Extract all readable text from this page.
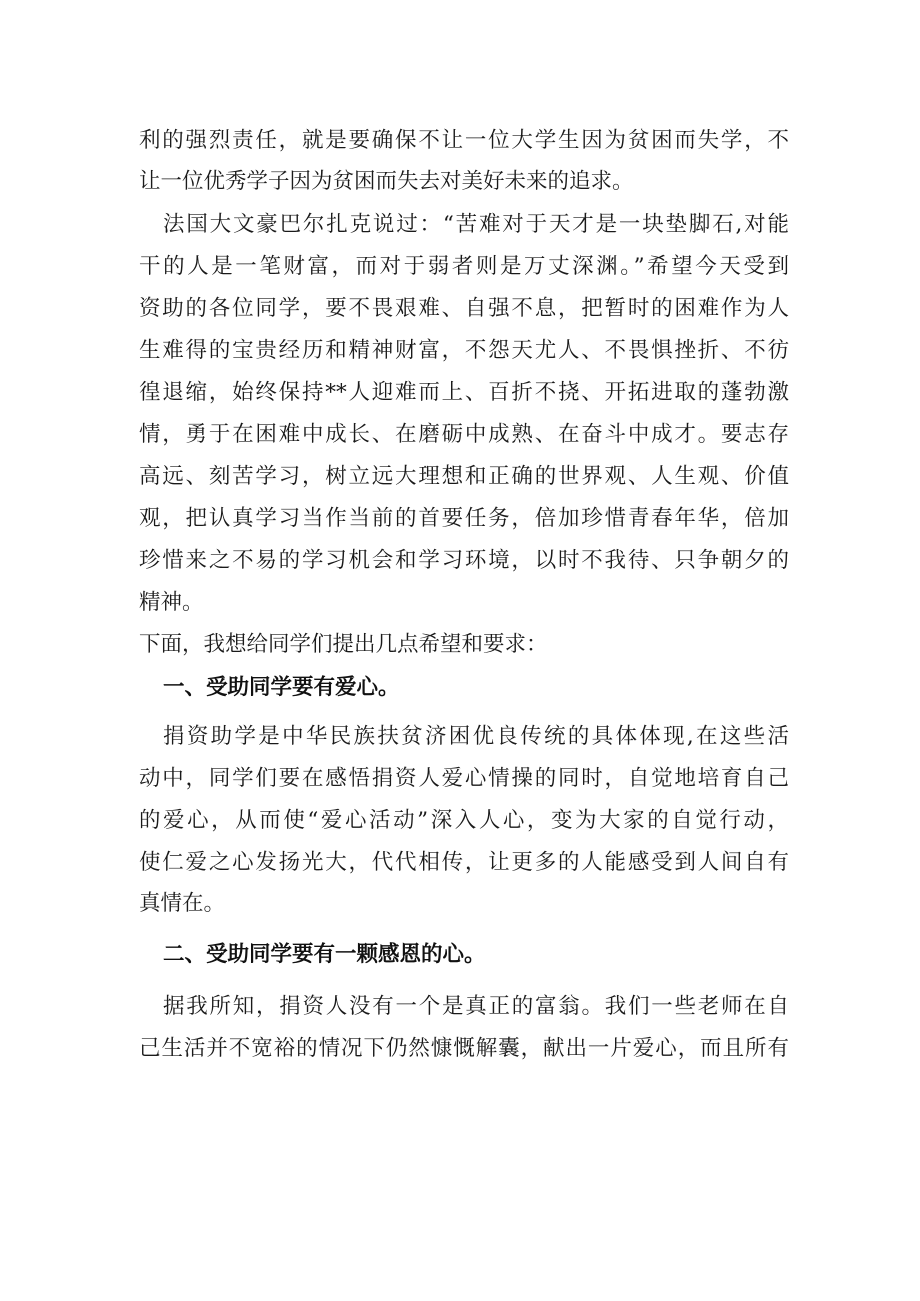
利的强烈责任，就是要确保不让一位大学生因为贫困而失学，不

让一位优秀学子因为贫困而失去对美好未来的追求。

法国大文豪巴尔扎克说过：“苦难对于天才是一块垫脚石,对能

干的人是一笔财富，而对于弱者则是万丈深渊。”希望今天受到

资助的各位同学，要不畏艰难、自强不息，把暂时的困难作为人

生难得的宝贵经历和精神财富，不怨天尤人、不畏惧挫折、不彷

徨退缩，始终保持**人迎难而上、百折不挠、开拓进取的蓬勃激

情，勇于在困难中成长、在磨砺中成熟、在奋斗中成才。要志存

高远、刻苦学习，树立远大理想和正确的世界观、人生观、价值

观，把认真学习当作当前的首要任务，倍加珍惜青春年华，倍加

珍惜来之不易的学习机会和学习环境，以时不我待、只争朝夕的

精神。

下面，我想给同学们提出几点希望和要求：

一、受助同学要有爱心。

捐资助学是中华民族扶贫济困优良传统的具体体现,在这些活

动中，同学们要在感悟捐资人爱心情操的同时，自觉地培育自己

的爱心，从而使“爱心活动”深入人心，变为大家的自觉行动，

使仁爱之心发扬光大，代代相传，让更多的人能感受到人间自有

真情在。

二、受助同学要有一颗感恩的心。

据我所知，捐资人没有一个是真正的富翁。我们一些老师在自

己生活并不宽裕的情况下仍然慷慨解囊，献出一片爱心，而且所有
